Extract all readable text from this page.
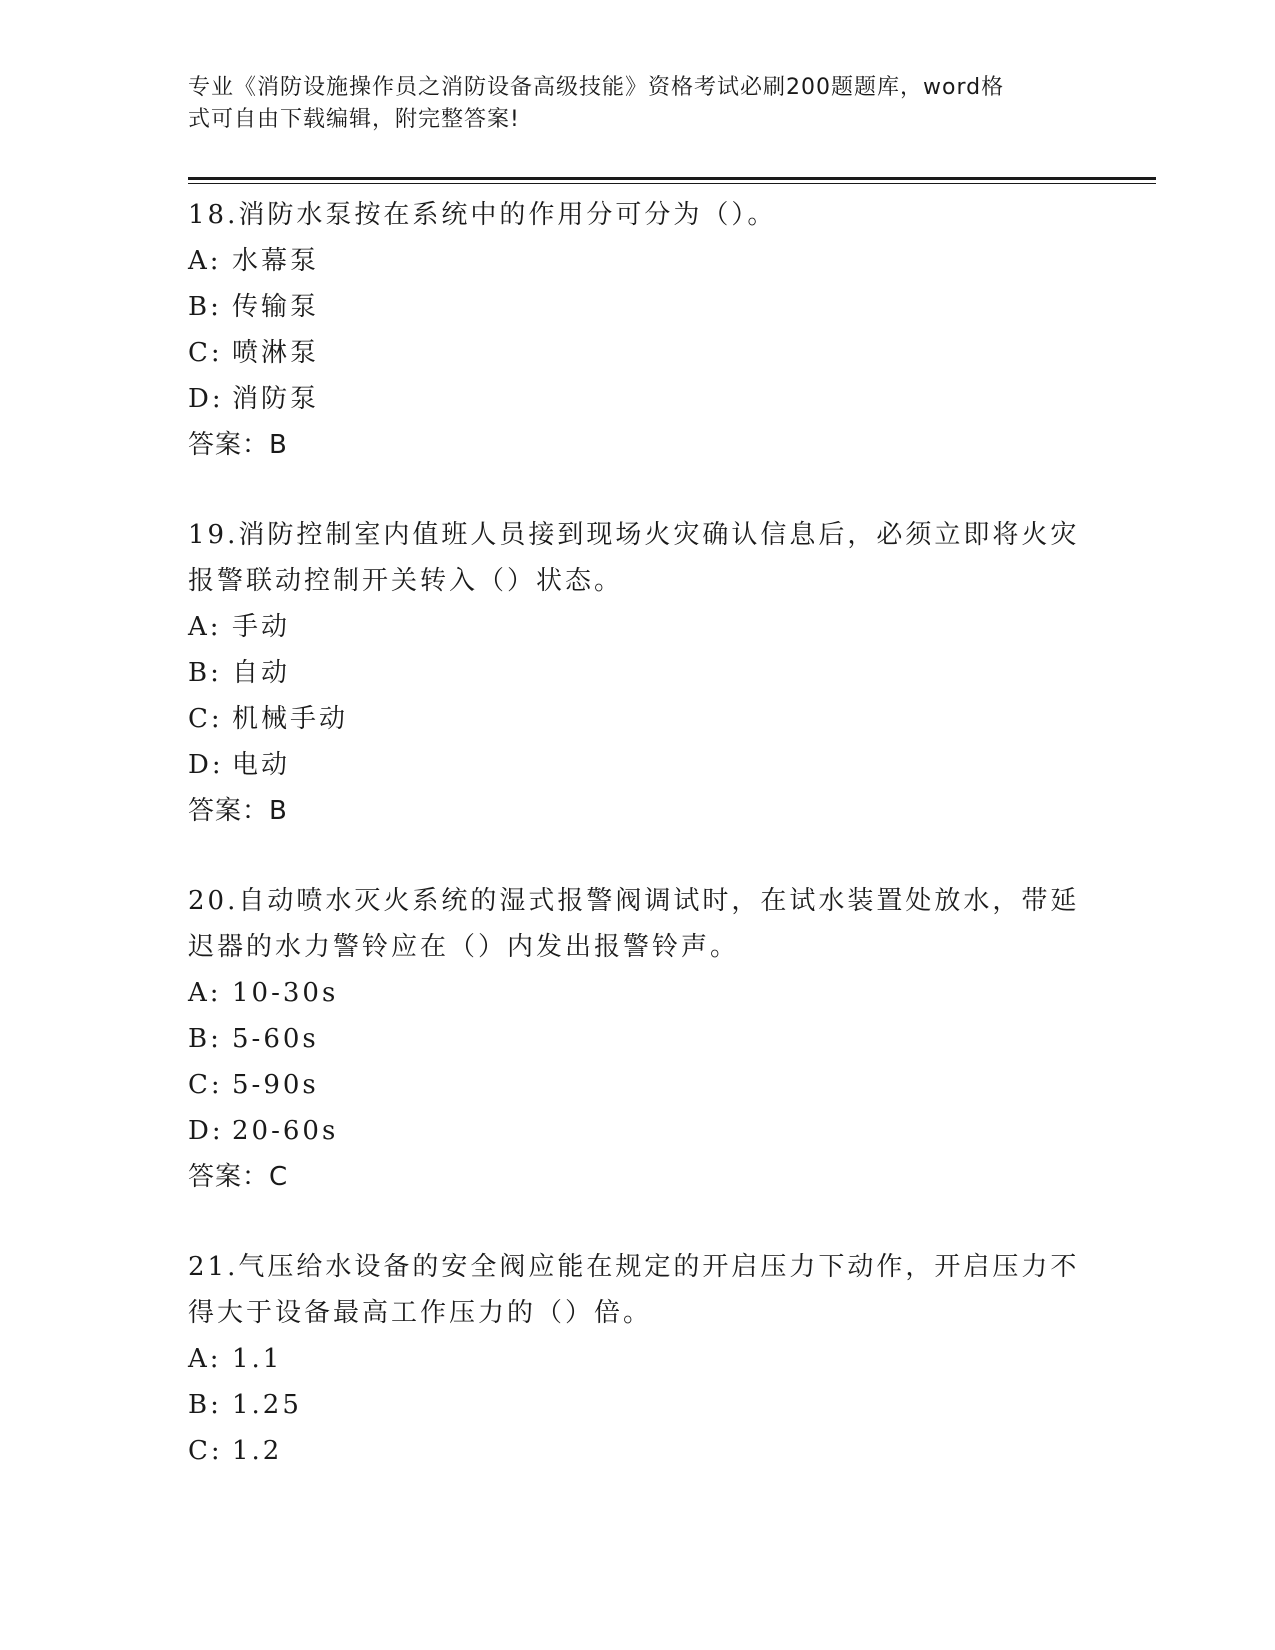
专业《消防设施操作员之消防设备高级技能》资格考试必刷200题题库，word格
式可自由下载编辑，附完整答案!
18.消防水泵按在系统中的作用分可分为（）。
A: 水幕泵
B: 传输泵
C: 喷淋泵
D: 消防泵
答案：B
19.消防控制室内值班人员接到现场火灾确认信息后，必须立即将火灾
报警联动控制开关转入（）状态。
A: 手动
B: 自动
C: 机械手动
D: 电动
答案：B
20.自动喷水灭火系统的湿式报警阀调试时，在试水装置处放水，带延
迟器的水力警铃应在（）内发出报警铃声。
A: 10-30s
B: 5-60s
C: 5-90s
D: 20-60s
答案：C
21.气压给水设备的安全阀应能在规定的开启压力下动作，开启压力不
得大于设备最高工作压力的（）倍。
A: 1.1
B: 1.25
C: 1.2
